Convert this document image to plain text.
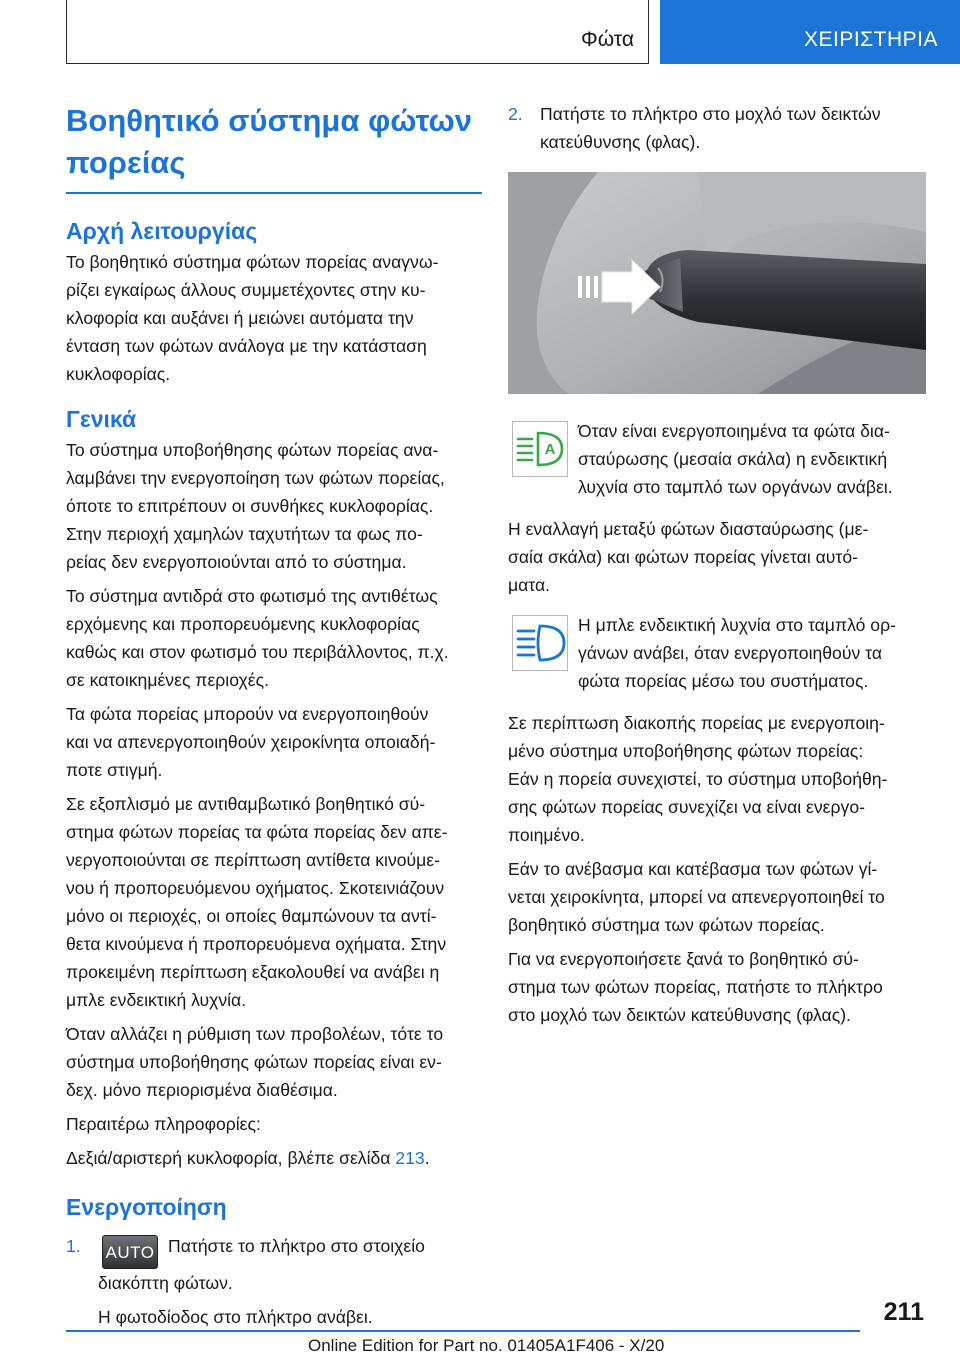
Φώτα	ΧΕΙΡΙΣΤΗΡΙΑ
Βοηθητικό σύστημα φώτων
πορείας
Αρχή λειτουργίας
Το βοηθητικό σύστημα φώτων πορείας αναγνω-
ρίζει εγκαίρως άλλους συμμετέχοντες στην κυ-
κλοφορία και αυξάνει ή μειώνει αυτόματα την
ένταση των φώτων ανάλογα με την κατάσταση
κυκλοφορίας.
Γενικά
Το σύστημα υποβοήθησης φώτων πορείας ανα-
λαμβάνει την ενεργοποίηση των φώτων πορείας,
όποτε το επιτρέπουν οι συνθήκες κυκλοφορίας.
Στην περιοχή χαμηλών ταχυτήτων τα φως πο-
ρείας δεν ενεργοποιούνται από το σύστημα.
Το σύστημα αντιδρά στο φωτισμό της αντιθέτως
ερχόμενης και προπορευόμενης κυκλοφορίας
καθώς και στον φωτισμό του περιβάλλοντος, π.χ.
σε κατοικημένες περιοχές.
Τα φώτα πορείας μπορούν να ενεργοποιηθούν
και να απενεργοποιηθούν χειροκίνητα οποιαδή-
ποτε στιγμή.
Σε εξοπλισμό με αντιθαμβωτικό βοηθητικό σύ-
στημα φώτων πορείας τα φώτα πορείας δεν απε-
νεργοποιούνται σε περίπτωση αντίθετα κινούμε-
νου ή προπορευόμενου οχήματος. Σκοτεινιάζουν
μόνο οι περιοχές, οι οποίες θαμπώνουν τα αντί-
θετα κινούμενα ή προπορευόμενα οχήματα. Στην
προκειμένη περίπτωση εξακολουθεί να ανάβει η
μπλε ενδεικτική λυχνία.
Όταν αλλάζει η ρύθμιση των προβολέων, τότε το
σύστημα υποβοήθησης φώτων πορείας είναι εν-
δεχ. μόνο περιορισμένα διαθέσιμα.
Περαιτέρω πληροφορίες:
Δεξιά/αριστερή κυκλοφορία, βλέπε σελίδα 213.
Ενεργοποίηση
1.	AUTO Πατήστε το πλήκτρο στο στοιχείο
διακόπτη φώτων.
Η φωτοδίοδος στο πλήκτρο ανάβει.
2. Πατήστε το πλήκτρο στο μοχλό των δεικτών
κατεύθυνσης (φλας).
A
Όταν είναι ενεργοποιημένα τα φώτα δια-
σταύρωσης (μεσαία σκάλα) η ενδεικτική
λυχνία στο ταμπλό των οργάνων ανάβει.
Η εναλλαγή μεταξύ φώτων διασταύρωσης (με-
σαία σκάλα) και φώτων πορείας γίνεται αυτό-
ματα.
Η μπλε ενδεικτική λυχνία στο ταμπλό ορ-
γάνων ανάβει, όταν ενεργοποιηθούν τα
φώτα πορείας μέσω του συστήματος.
Σε περίπτωση διακοπής πορείας με ενεργοποιη-
μένο σύστημα υποβοήθησης φώτων πορείας:
Εάν η πορεία συνεχιστεί, το σύστημα υποβοήθη-
σης φώτων πορείας συνεχίζει να είναι ενεργο-
ποιημένο.
Εάν το ανέβασμα και κατέβασμα των φώτων γί-
νεται χειροκίνητα, μπορεί να απενεργοποιηθεί το
βοηθητικό σύστημα των φώτων πορείας.
Για να ενεργοποιήσετε ξανά το βοηθητικό σύ-
στημα των φώτων πορείας, πατήστε το πλήκτρο
στο μοχλό των δεικτών κατεύθυνσης (φλας).
211
Online Edition for Part no. 01405A1F406 - X/20
